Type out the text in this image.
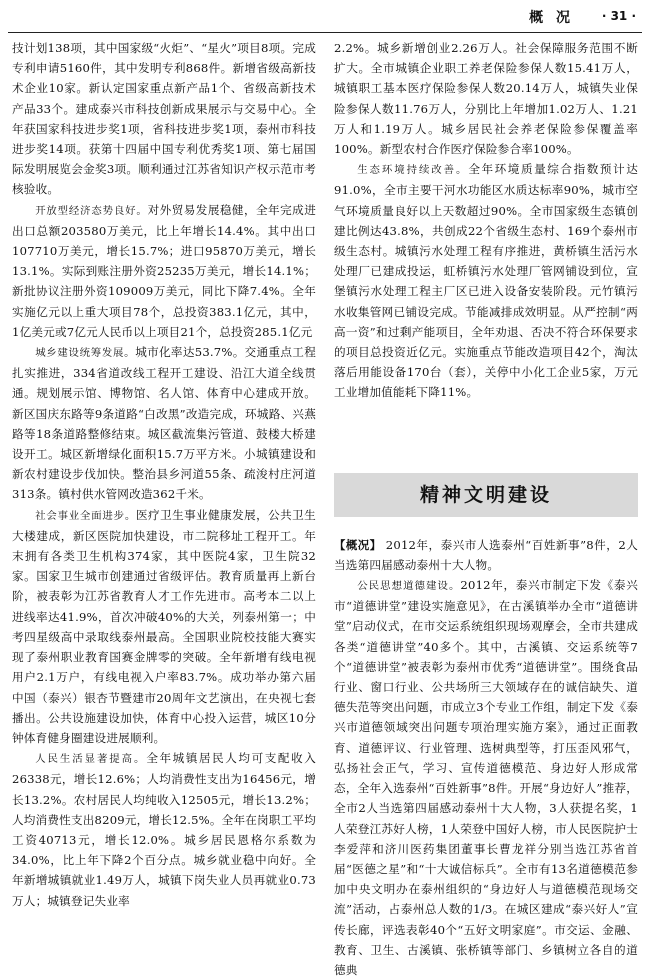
概 况 · 31 ·

技计划138项，其中国家级“火炬”、“星火”项目8项。完成专利申请5160件，其中发明专利868件。新增省级高新技术企业10家。新认定国家重点新产品1个、省级高新技术产品33个。建成泰兴市科技创新成果展示与交易中心。全年获国家科技进步奖1项，省科技进步奖1项，泰州市科技进步奖14项。获第十四届中国专利优秀奖1项、第七届国际发明展览会金奖3项。顺利通过江苏省知识产权示范市考核验收。

开放型经济态势良好。对外贸易发展稳健，全年完成进出口总额203580万美元，比上年增长14.4%。其中出口107710万美元，增长15.7%；进口95870万美元，增长13.1%。实际到账注册外资25235万美元，增长14.1%；新批协议注册外资109009万美元，同比下降7.4%。全年实施亿元以上重大项目78个，总投资383.1亿元，其中，1亿美元或7亿元人民币以上项目21个，总投资285.1亿元

城乡建设统筹发展。城市化率达53.7%。交通重点工程扎实推进，334省道改线工程开工建设、沿江大道全线贯通。规划展示馆、博物馆、名人馆、体育中心建成开放。新区国庆东路等9条道路“白改黑”改造完成，环城路、兴燕路等18条道路整修结束。城区截流集污管道、鼓楼大桥建设开工。城区新增绿化面积15.7万平方米。小城镇建设和新农村建设步伐加快。整治县乡河道55条、疏浚村庄河道313条。镇村供水管网改造362千米。

社会事业全面进步。医疗卫生事业健康发展，公共卫生大楼建成，新区医院加快建设，市二院移址工程开工。年末拥有各类卫生机构374家，其中医院4家，卫生院32家。国家卫生城市创建通过省级评估。教育质量再上新台阶，被表彰为江苏省教育人才工作先进市。高考本二以上进线率达41.9%，首次冲破40%的大关，列泰州第一；中考四星级高中录取线泰州最高。全国职业院校技能大赛实现了泰州职业教育国赛金牌零的突破。全年新增有线电视用户2.1万户，有线电视入户率83.7%。成功举办第六届中国（泰兴）银杏节暨建市20周年文艺演出，在央视七套播出。公共设施建设加快，体育中心投入运营，城区10分钟体育健身圈建设进展顺利。

人民生活显著提高。全年城镇居民人均可支配收入26338元，增长12.6%；人均消费性支出为16456元，增长13.2%。农村居民人均纯收入12505元，增长13.2%；人均消费性支出8209元，增长12.5%。全年在岗职工平均工资40713元，增长12.0%。城乡居民恩格尔系数为34.0%，比上年下降2个百分点。城乡就业稳中向好。全年新增城镇就业1.49万人，城镇下岗失业人员再就业0.73万人；城镇登记失业率

2.2%。城乡新增创业2.26万人。社会保障服务范围不断扩大。全市城镇企业职工养老保险参保人数15.41万人，城镇职工基本医疗保险参保人数20.14万人，城镇失业保险参保人数11.76万人，分别比上年增加1.02万人、1.21万人和1.19万人。城乡居民社会养老保险参保覆盖率100%。新型农村合作医疗保险参合率100%。

生态环境持续改善。全年环境质量综合指数预计达91.0%，全市主要干河水功能区水质达标率90%，城市空气环境质量良好以上天数超过90%。全市国家级生态镇创建比例达43.8%，共创成22个省级生态村、169个泰州市级生态村。城镇污水处理工程有序推进，黄桥镇生活污水处理厂已建成投运，虹桥镇污水处理厂管网铺设到位，宣堡镇污水处理工程主厂区已进入设备安装阶段。元竹镇污水收集管网已铺设完成。节能减排成效明显。从严控制“两高一资”和过剩产能项目，全年劝退、否决不符合环保要求的项目总投资近亿元。实施重点节能改造项目42个，淘汰落后用能设备170台（套），关停中小化工企业5家，万元工业增加值能耗下降11%。

精神文明建设

【概况】 2012年，泰兴市人选泰州“百姓新事”8件，2人当选第四届感动泰州十大人物。

公民思想道德建设。2012年，泰兴市制定下发《泰兴市“道德讲堂”建设实施意见》，在古溪镇举办全市“道德讲堂”启动仪式，在市交运系统组织现场观摩会，全市共建成各类“道德讲堂”40多个。其中，古溪镇、交运系统等7个“道德讲堂”被表彰为泰州市优秀“道德讲堂”。围绕食品行业、窗口行业、公共场所三大领域存在的诚信缺失、道德失范等突出问题，市成立3个专业工作组，制定下发《泰兴市道德领域突出问题专项治理实施方案》，通过正面教育、道德评议、行业管理、选树典型等，打压歪风邪气，弘扬社会正气，学习、宣传道德模范、身边好人形成常态，全年入选泰州“百姓新事”8件。开展“身边好人”推荐，全市2人当选第四届感动泰州十大人物，3人获提名奖，1人荣登江苏好人榜，1人荣登中国好人榜，市人民医院护士李爱萍和济川医药集团董事长曹龙祥分别当选江苏省首届“医德之星”和“十大诚信标兵”。全市有13名道德模范参加中央文明办在泰州组织的“身边好人与道德模范现场交流”活动，占泰州总人数的1/3。在城区建成“泰兴好人”宣传长廊，评选表彰40个“五好文明家庭”。市交运、金融、教育、卫生、古溪镇、张桥镇等部门、乡镇树立各自的道德典
